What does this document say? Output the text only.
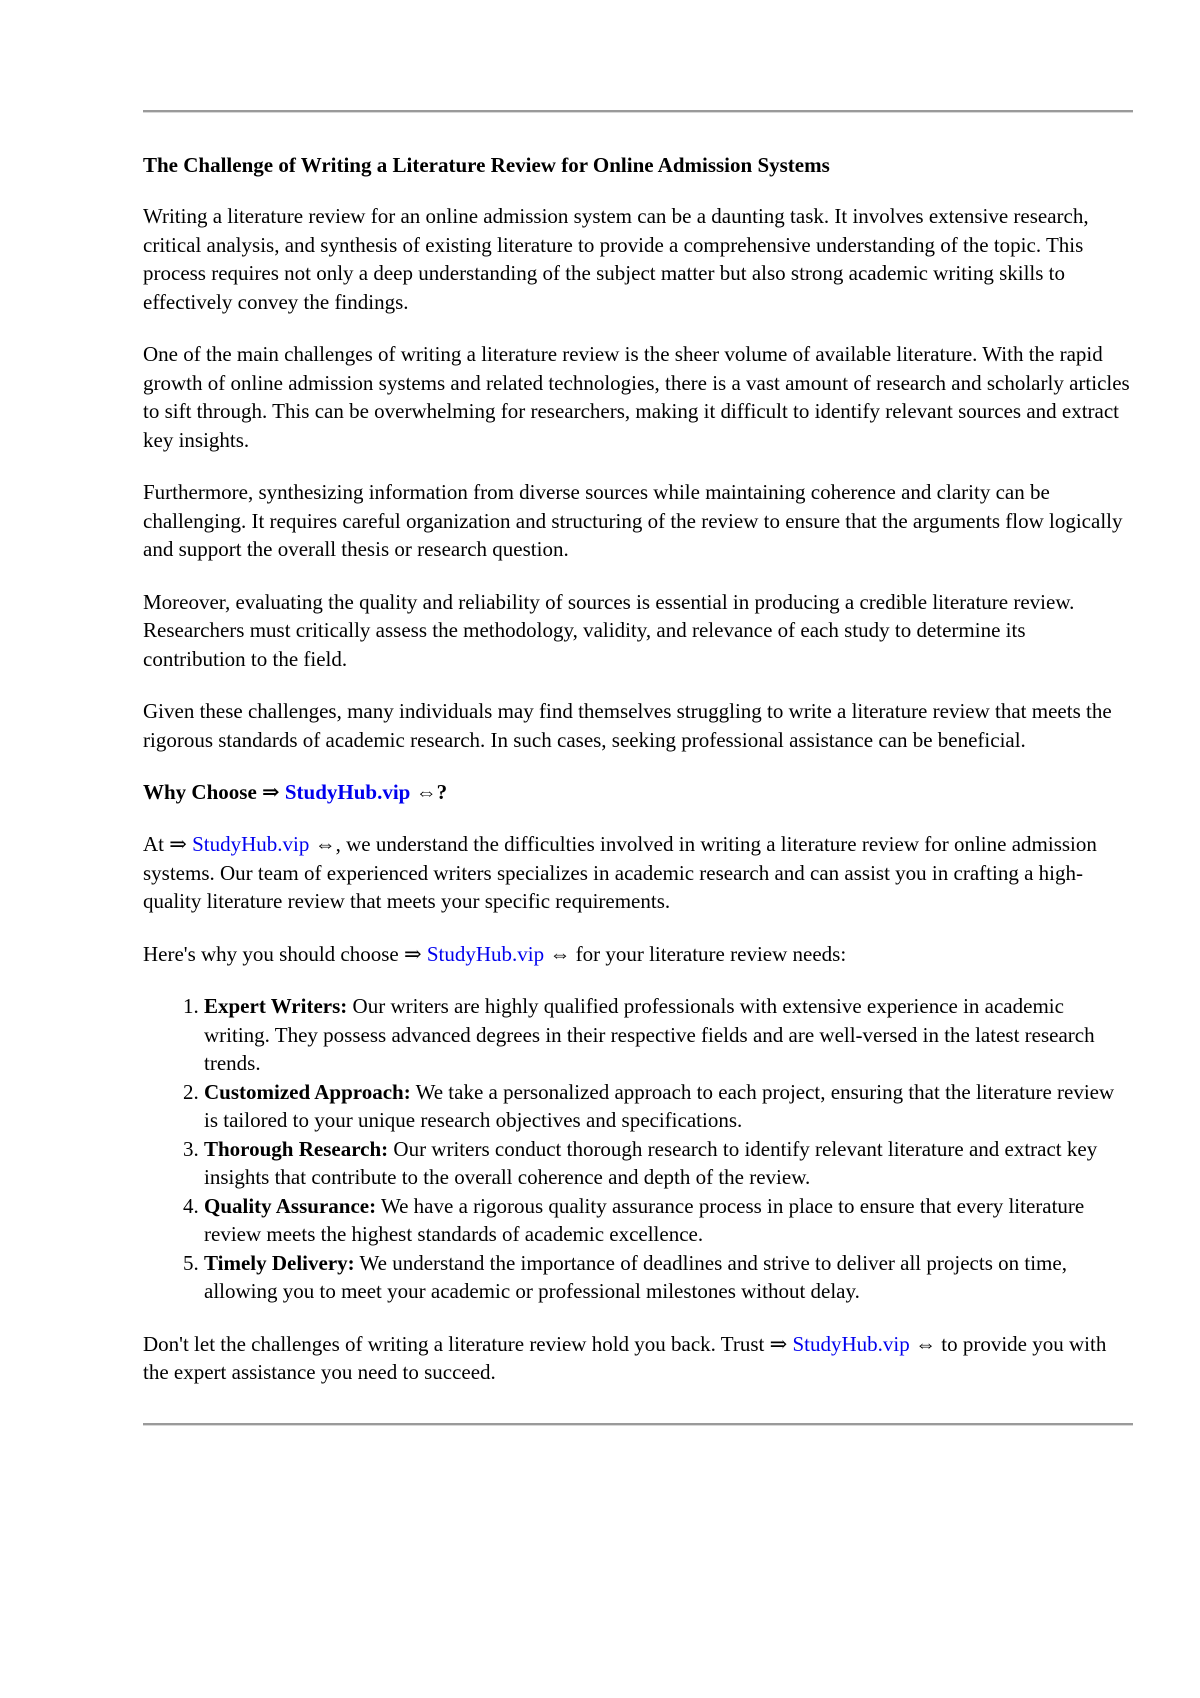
The Challenge of Writing a Literature Review for Online Admission Systems

Writing a literature review for an online admission system can be a daunting task. It involves extensive research, critical analysis, and synthesis of existing literature to provide a comprehensive understanding of the topic. This process requires not only a deep understanding of the subject matter but also strong academic writing skills to effectively convey the findings.

One of the main challenges of writing a literature review is the sheer volume of available literature. With the rapid growth of online admission systems and related technologies, there is a vast amount of research and scholarly articles to sift through. This can be overwhelming for researchers, making it difficult to identify relevant sources and extract key insights.

Furthermore, synthesizing information from diverse sources while maintaining coherence and clarity can be challenging. It requires careful organization and structuring of the review to ensure that the arguments flow logically and support the overall thesis or research question.

Moreover, evaluating the quality and reliability of sources is essential in producing a credible literature review. Researchers must critically assess the methodology, validity, and relevance of each study to determine its contribution to the field.

Given these challenges, many individuals may find themselves struggling to write a literature review that meets the rigorous standards of academic research. In such cases, seeking professional assistance can be beneficial.

Why Choose ⇒ StudyHub.vip ⇔?

At ⇒ StudyHub.vip ⇔, we understand the difficulties involved in writing a literature review for online admission systems. Our team of experienced writers specializes in academic research and can assist you in crafting a high-quality literature review that meets your specific requirements.

Here's why you should choose ⇒ StudyHub.vip ⇔ for your literature review needs:

1. Expert Writers: Our writers are highly qualified professionals with extensive experience in academic writing. They possess advanced degrees in their respective fields and are well-versed in the latest research trends.
2. Customized Approach: We take a personalized approach to each project, ensuring that the literature review is tailored to your unique research objectives and specifications.
3. Thorough Research: Our writers conduct thorough research to identify relevant literature and extract key insights that contribute to the overall coherence and depth of the review.
4. Quality Assurance: We have a rigorous quality assurance process in place to ensure that every literature review meets the highest standards of academic excellence.
5. Timely Delivery: We understand the importance of deadlines and strive to deliver all projects on time, allowing you to meet your academic or professional milestones without delay.

Don't let the challenges of writing a literature review hold you back. Trust ⇒ StudyHub.vip ⇔ to provide you with the expert assistance you need to succeed.
